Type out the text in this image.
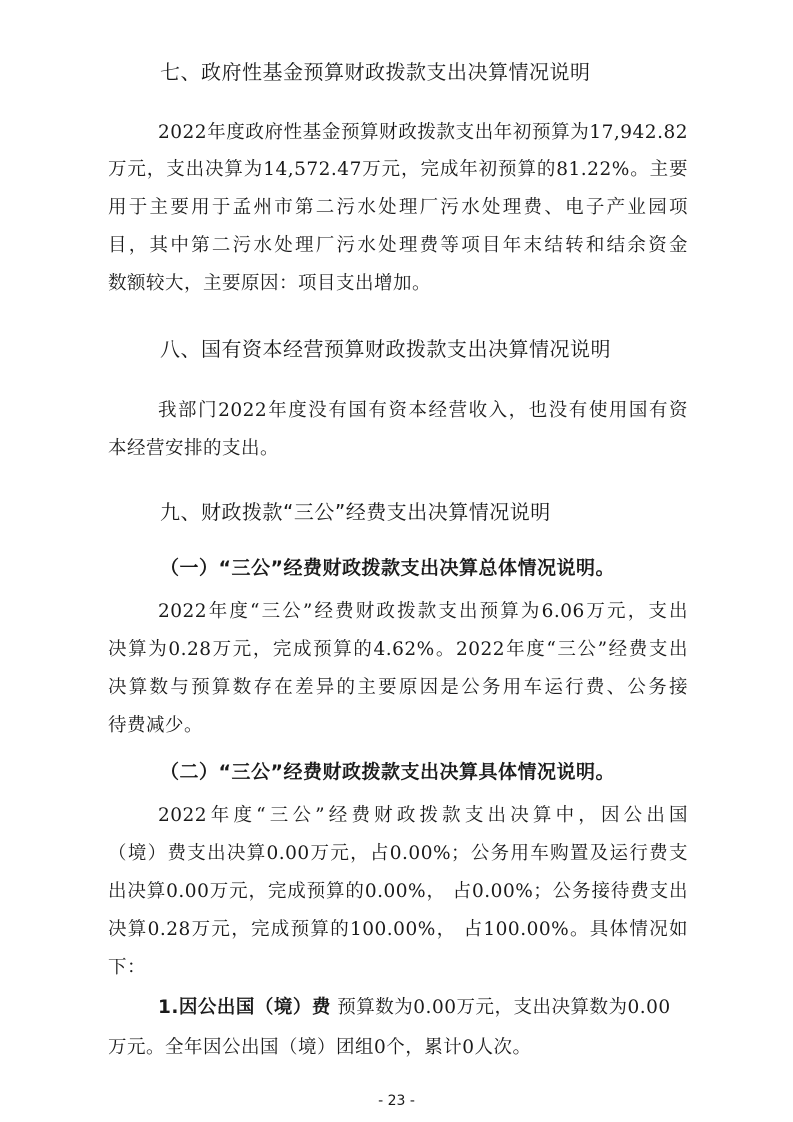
七、政府性基金预算财政拨款支出决算情况说明
2022年度政府性基金预算财政拨款支出年初预算为17,942.82
万元，支出决算为14,572.47万元，完成年初预算的81.22%。主要
用于主要用于孟州市第二污水处理厂污水处理费、电子产业园项
目，其中第二污水处理厂污水处理费等项目年末结转和结余资金
数额较大，主要原因：项目支出增加。
八、国有资本经营预算财政拨款支出决算情况说明
我部门2022年度没有国有资本经营收入，也没有使用国有资
本经营安排的支出。
九、财政拨款“三公”经费支出决算情况说明
（一）“三公”经费财政拨款支出决算总体情况说明。
2022年度“三公”经费财政拨款支出预算为6.06万元，支出
决算为0.28万元，完成预算的4.62%。2022年度“三公”经费支出
决算数与预算数存在差异的主要原因是公务用车运行费、公务接
待费减少。
（二）“三公”经费财政拨款支出决算具体情况说明。
2022年度“三公”经费财政拨款支出决算中，因公出国
（境）费支出决算0.00万元，占0.00%；公务用车购置及运行费支
出决算0.00万元，完成预算的0.00%， 占0.00%；公务接待费支出
决算0.28万元，完成预算的100.00%， 占100.00%。具体情况如
下：
1.因公出国（境）费 预算数为0.00万元，支出决算数为0.00
万元。全年因公出国（境）团组0个，累计0人次。
- 23 -
